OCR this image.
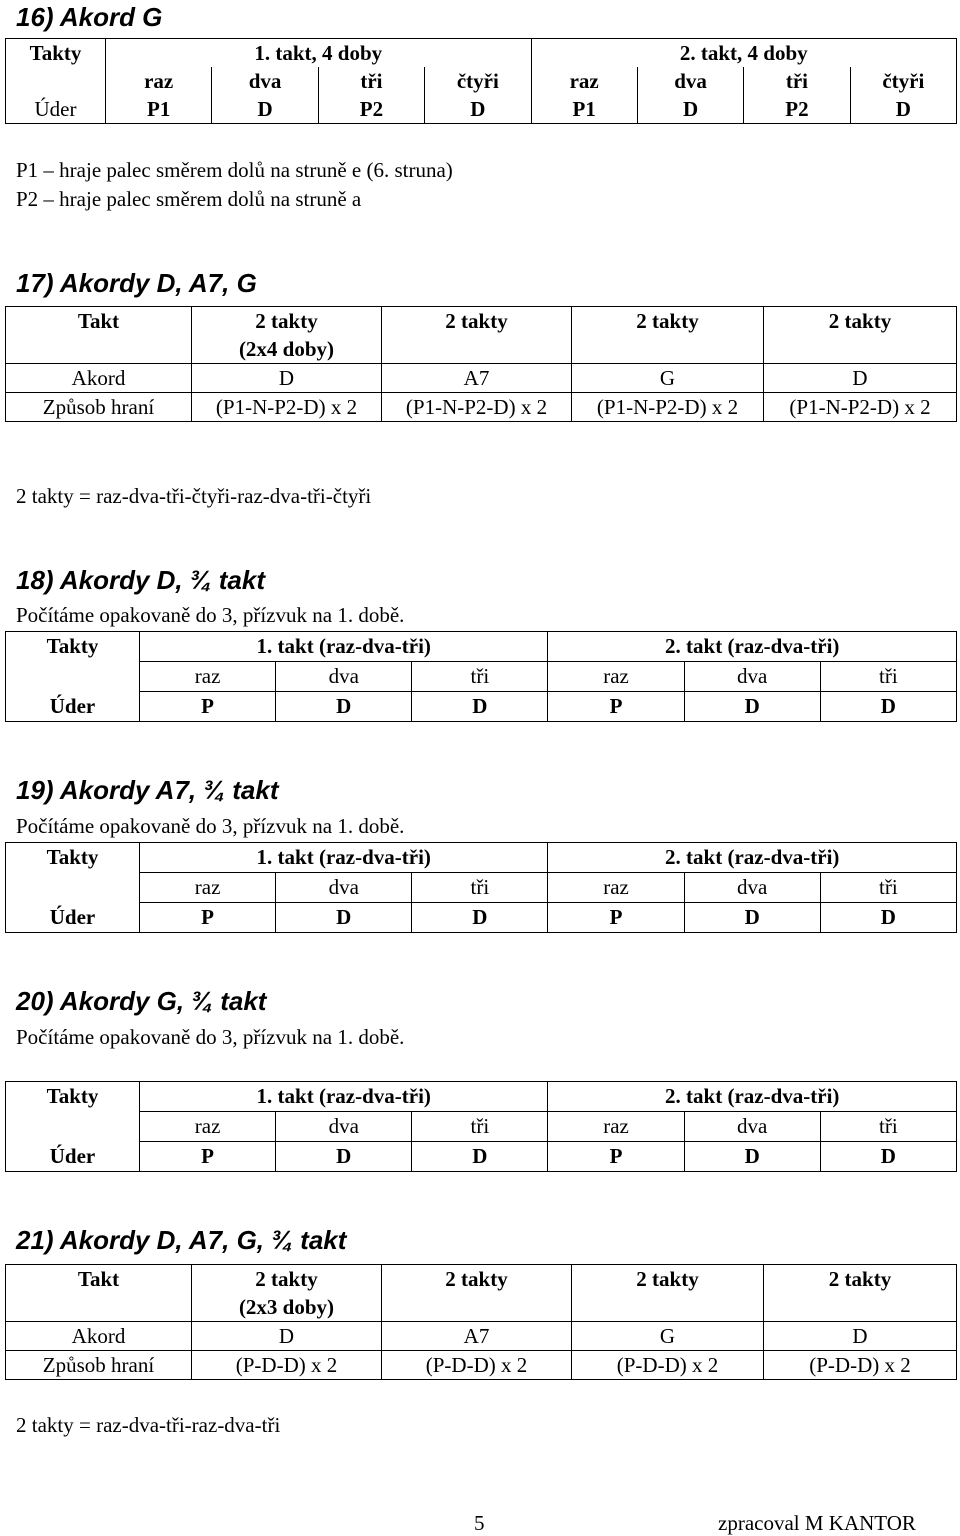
16) Akord G
Takty	1. takt, 4 doby				2. takt, 4 doby			
	raz	dva	tři	čtyři	raz	dva	tři	čtyři
Úder	P1	D	P2	D	P1	D	P2	D
P1 – hraje palec směrem dolů na struně e (6. struna)
P2 – hraje palec směrem dolů na struně a
17) Akordy D, A7, G
Takt	2 takty	2 takty	2 takty	2 takty
	(2x4 doby)			
Akord	D	A7	G	D
Způsob hraní	(P1-N-P2-D) x 2	(P1-N-P2-D) x 2	(P1-N-P2-D) x 2	(P1-N-P2-D) x 2
2 takty = raz-dva-tři-čtyři-raz-dva-tři-čtyři
18) Akordy D, ¾ takt
Počítáme opakovaně do 3, přízvuk na 1. době.
Takty	1. takt (raz-dva-tři)			2. takt (raz-dva-tři)		
	raz	dva	tři	raz	dva	tři
Úder	P	D	D	P	D	D
19) Akordy A7, ¾ takt
Počítáme opakovaně do 3, přízvuk na 1. době.
Takty	1. takt (raz-dva-tři)			2. takt (raz-dva-tři)		
	raz	dva	tři	raz	dva	tři
Úder	P	D	D	P	D	D
20) Akordy G, ¾ takt
Počítáme opakovaně do 3, přízvuk na 1. době.
Takty	1. takt (raz-dva-tři)			2. takt (raz-dva-tři)		
	raz	dva	tři	raz	dva	tři
Úder	P	D	D	P	D	D
21) Akordy D, A7, G, ¾ takt
Takt	2 takty	2 takty	2 takty	2 takty
	(2x3 doby)			
Akord	D	A7	G	D
Způsob hraní	(P-D-D) x 2	(P-D-D) x 2	(P-D-D) x 2	(P-D-D) x 2
2 takty = raz-dva-tři-raz-dva-tři
5	zpracoval M KANTOR
